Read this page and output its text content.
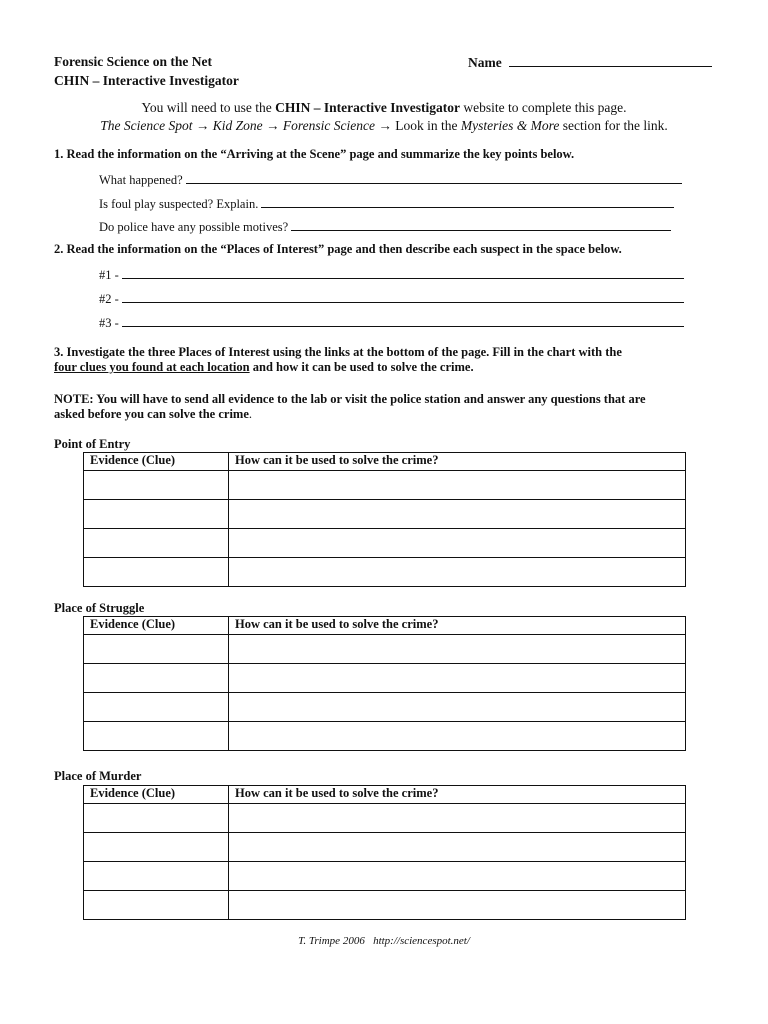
Forensic Science on the Net
CHIN – Interactive Investigator
Name
You will need to use the CHIN – Interactive Investigator website to complete this page.
The Science Spot → Kid Zone → Forensic Science → Look in the Mysteries & More section for the link.
1. Read the information on the “Arriving at the Scene” page and summarize the key points below.
What happened?
Is foul play suspected? Explain.
Do police have any possible motives?
2. Read the information on the “Places of Interest” page and then describe each suspect in the space below.
#1 -
#2 -
#3 -
3. Investigate the three Places of Interest using the links at the bottom of the page. Fill in the chart with the
four clues you found at each location and how it can be used to solve the crime.
NOTE: You will have to send all evidence to the lab or visit the police station and answer any questions that are
asked before you can solve the crime.
Point of Entry
Evidence (Clue)	How can it be used to solve the crime?

Place of Struggle
Evidence (Clue)	How can it be used to solve the crime?

Place of Murder
Evidence (Clue)	How can it be used to solve the crime?

T. Trimpe 2006   http://sciencespot.net/
